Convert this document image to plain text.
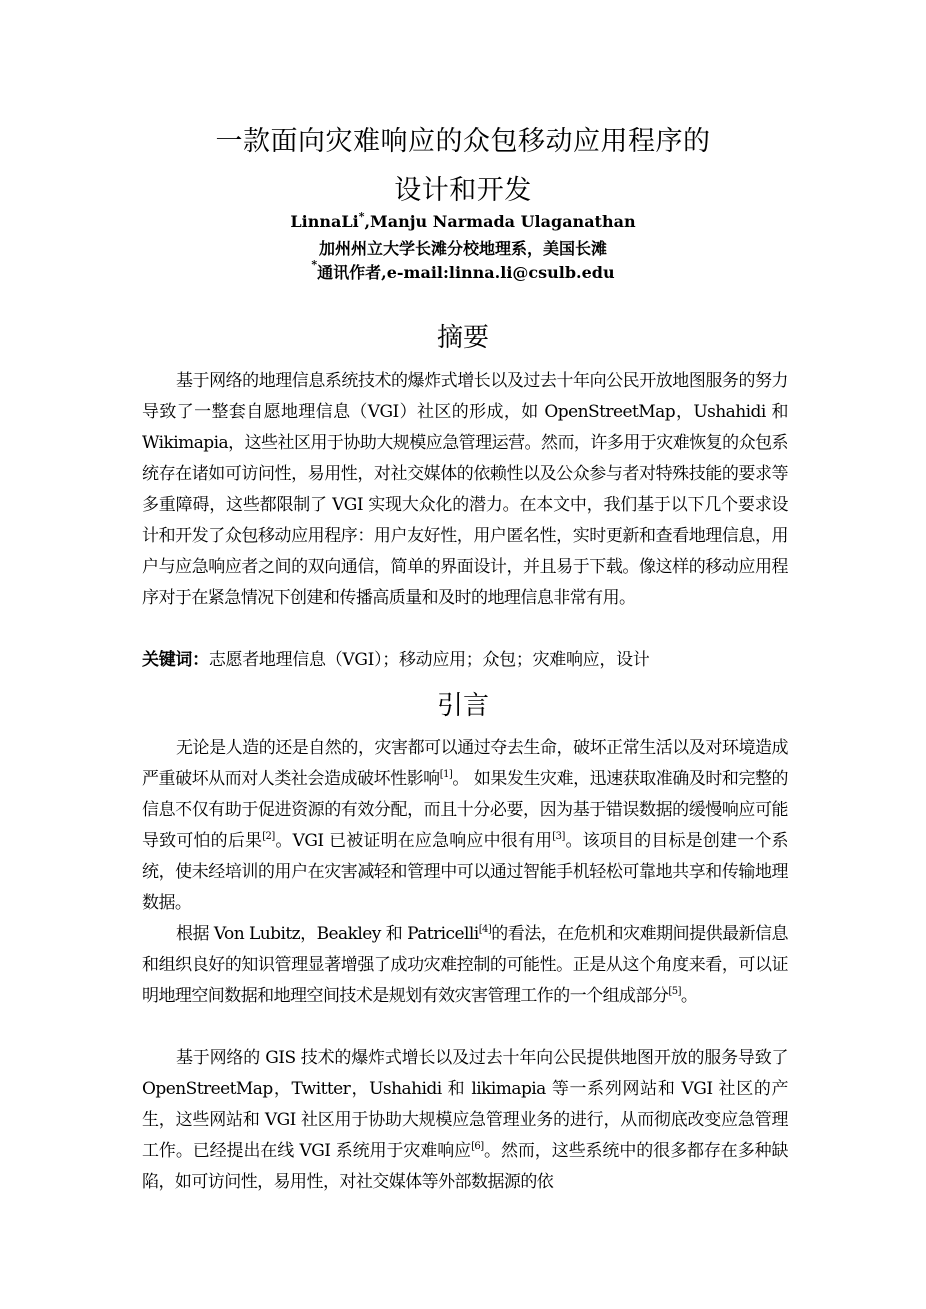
一款面向灾难响应的众包移动应用程序的
设计和开发

LinnaLi*,Manju Narmada Ulaganathan

加州州立大学长滩分校地理系，美国长滩

*通讯作者,e-mail:linna.li@csulb.edu

摘要

基于网络的地理信息系统技术的爆炸式增长以及过去十年向公民开放地图服务的努力导致了一整套自愿地理信息（VGI）社区的形成，如 OpenStreetMap，Ushahidi 和 Wikimapia，这些社区用于协助大规模应急管理运营。然而，许多用于灾难恢复的众包系统存在诸如可访问性，易用性，对社交媒体的依赖性以及公众参与者对特殊技能的要求等多重障碍，这些都限制了 VGI 实现大众化的潜力。在本文中，我们基于以下几个要求设计和开发了众包移动应用程序：用户友好性，用户匿名性，实时更新和查看地理信息，用户与应急响应者之间的双向通信，简单的界面设计，并且易于下载。像这样的移动应用程序对于在紧急情况下创建和传播高质量和及时的地理信息非常有用。

关键词：志愿者地理信息（VGI）；移动应用；众包；灾难响应，设计

引言

无论是人造的还是自然的，灾害都可以通过夺去生命，破坏正常生活以及对环境造成严重破坏从而对人类社会造成破坏性影响[1]。 如果发生灾难，迅速获取准确及时和完整的信息不仅有助于促进资源的有效分配，而且十分必要，因为基于错误数据的缓慢响应可能导致可怕的后果[2]。VGI 已被证明在应急响应中很有用[3]。该项目的目标是创建一个系统，使未经培训的用户在灾害减轻和管理中可以通过智能手机轻松可靠地共享和传输地理数据。

根据 Von Lubitz，Beakley 和 Patricelli[4]的看法，在危机和灾难期间提供最新信息和组织良好的知识管理显著增强了成功灾难控制的可能性。正是从这个角度来看，可以证明地理空间数据和地理空间技术是规划有效灾害管理工作的一个组成部分[5]。

基于网络的 GIS 技术的爆炸式增长以及过去十年向公民提供地图开放的服务导致了 OpenStreetMap，Twitter，Ushahidi 和 likimapia 等一系列网站和 VGI 社区的产生，这些网站和 VGI 社区用于协助大规模应急管理业务的进行，从而彻底改变应急管理工作。已经提出在线 VGI 系统用于灾难响应[6]。然而，这些系统中的很多都存在多种缺陷，如可访问性，易用性，对社交媒体等外部数据源的依
